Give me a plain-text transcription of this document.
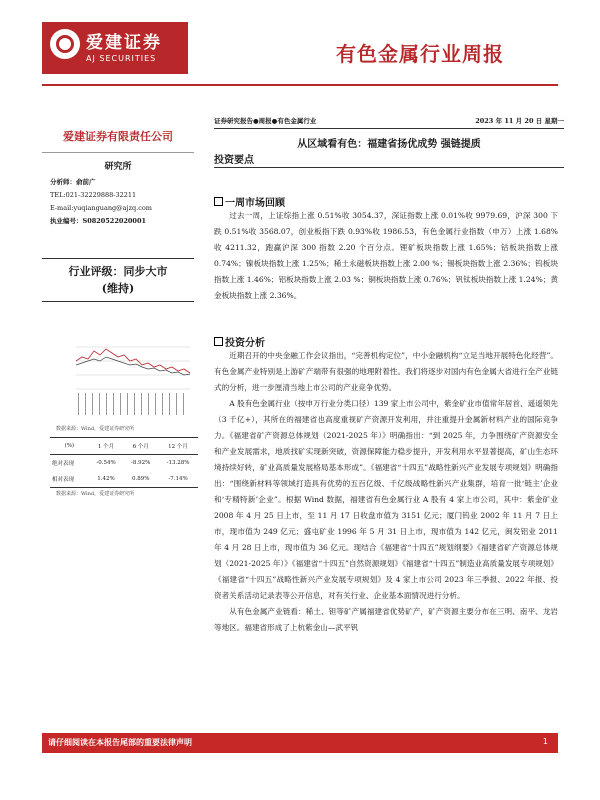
爱建证券
AJ SECURITIES	有色金属行业周报
爱建证券有限责任公司
研究所
分析师：俞前广
TEL:021-32229888-32211
E-mail:yuqianguang@ajzq.com
执业编号：S0820522020001
行业评级：同步大市
(维持)
数据来源：Wind，爱建证券研究所
(%)	1 个月	6 个月	12 个月
绝对表现	-0.54%	-8.92%	-13.28%
相对表现	1.42%	0.89%	-7.14%
数据来源：Wind，爱建证券研究所
证券研究报告●周报●有色金属行业	2023 年 11 月 20 日 星期一
从区域看有色：福建省扬优成势 强链提质
投资要点
一周市场回顾

过去一周，上证综指上涨 0.51%收 3054.37，深证指数上涨 0.01%收 9979.69，沪深 300 下跌 0.51%收 3568.07，创业板指下跌 0.93%收 1986.53，有色金属行业指数（申万）上涨 1.68%收 4211.32，跑赢沪深 300 指数 2.20 个百分点。锂矿板块指数上涨 1.65%；钴板块指数上涨 0.74%；镍板块指数上涨 1.25%；稀土永磁板块指数上涨 2.00 %；锡板块指数上涨 2.36%；钨板块指数上涨 1.46%；铝板块指数上涨 2.03 %；铜板块指数上涨 0.76%；钒钛板块指数上涨 1.24%；黄金板块指数上涨 2.36%。

投资分析

近期召开的中央金融工作会议指出，“完善机构定位”，中小金融机构“立足当地开展特色化经营”。有色金属产业特别是上游矿产端带有很强的地理附着性。我们将逐步对国内有色金属大省进行全产业链式的分析，进一步厘清当地上市公司的产业竞争优势。

A 股有色金属行业（按申万行业分类口径）139 家上市公司中，紫金矿业市值常年居首、遥遥领先（3 千亿+），其所在的福建省也高度重视矿产资源开发利用，并注重提升金属新材料产业的国际竞争力。《福建省矿产资源总体规划（2021-2025 年）》明确指出：“到 2025 年，力争围绕矿产资源安全和产业发展需求，地质找矿实现新突破，资源保障能力稳步提升，开发利用水平显著提高，矿山生态环境持续好转，矿业高质量发展格局基本形成”。《福建省“十四五”战略性新兴产业发展专项规划》明确指出：“围绕新材料等领域打造具有优势的五百亿级、千亿级战略性新兴产业集群，培育一批‘链主’企业和‘专精特新’企业”。根据 Wind 数据，福建省有色金属行业 A 股有 4 家上市公司，其中：紫金矿业 2008 年 4 月 25 日上市，至 11 月 17 日收盘市值为 3151 亿元；厦门钨业 2002 年 11 月 7 日上市，现市值为 249 亿元；盛屯矿业 1996 年 5 月 31 日上市，现市值为 142 亿元，闽发铝业 2011 年 4 月 28 日上市，现市值为 36 亿元。现结合《福建省“十四五”规划纲要》《福建省矿产资源总体规划（2021-2025 年）》《福建省“十四五”自然资源规划》《福建省“十四五”制造业高质量发展专项规划》《福建省“十四五”战略性新兴产业发展专项规划》及 4 家上市公司 2023 年三季报、2022 年报、投资者关系活动记录表等公开信息，对有关行业、企业基本面情况进行分析。

从有色金属产业链看：稀土、钽等矿产属福建省优势矿产，矿产资源主要分布在三明、南平、龙岩等地区。福建省形成了上杭紫金山—武平钒

请仔细阅读在本报告尾部的重要法律声明	1
